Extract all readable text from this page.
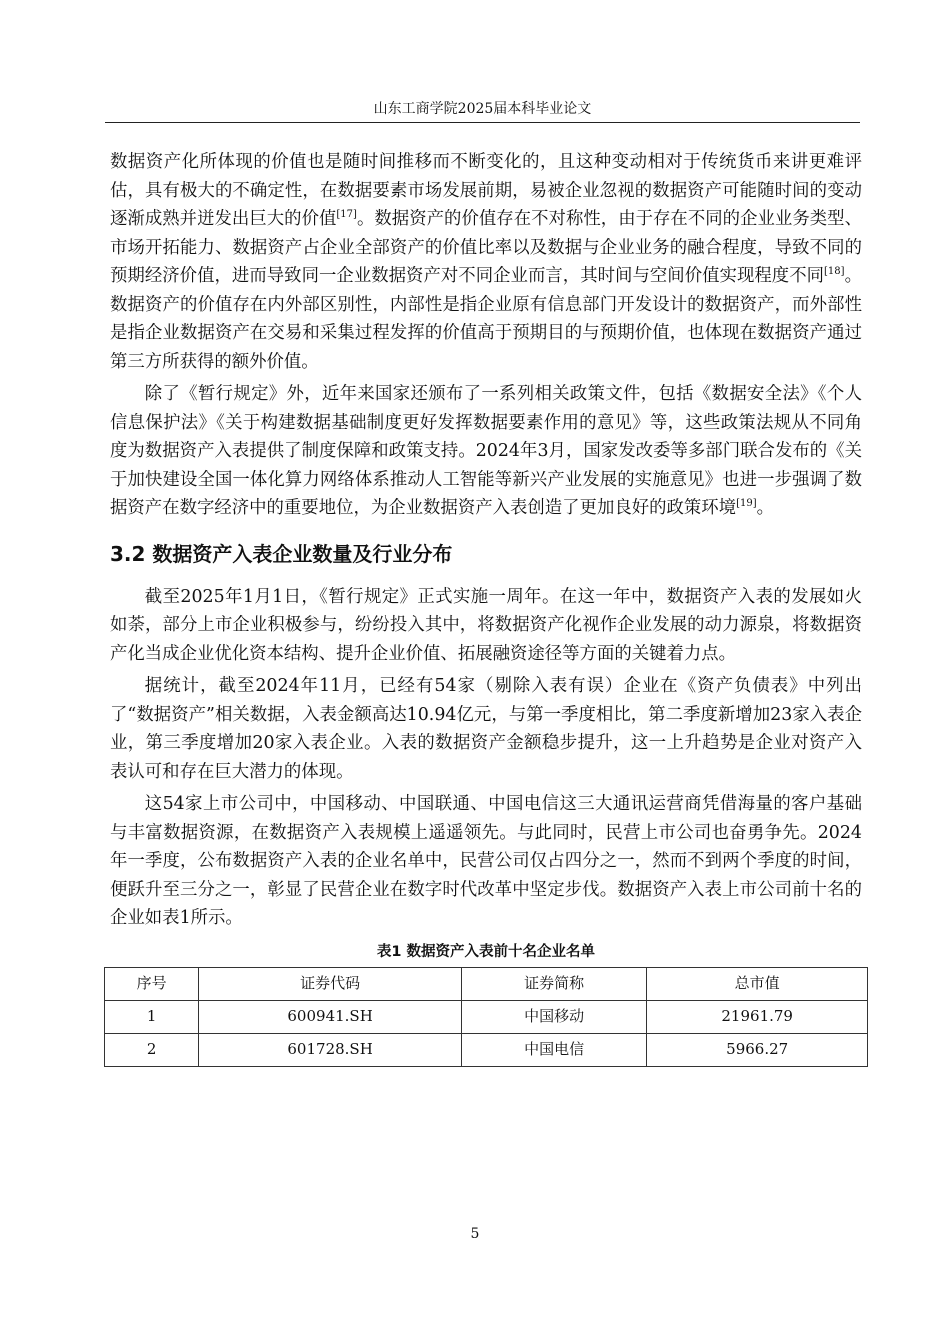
山东工商学院2025届本科毕业论文

数据资产化所体现的价值也是随时间推移而不断变化的，且这种变动相对于传统货币来讲更难评估，具有极大的不确定性，在数据要素市场发展前期，易被企业忽视的数据资产可能随时间的变动逐渐成熟并迸发出巨大的价值[17]。数据资产的价值存在不对称性，由于存在不同的企业业务类型、市场开拓能力、数据资产占企业全部资产的价值比率以及数据与企业业务的融合程度，导致不同的预期经济价值，进而导致同一企业数据资产对不同企业而言，其时间与空间价值实现程度不同[18]。数据资产的价值存在内外部区别性，内部性是指企业原有信息部门开发设计的数据资产，而外部性是指企业数据资产在交易和采集过程发挥的价值高于预期目的与预期价值，也体现在数据资产通过第三方所获得的额外价值。

除了《暂行规定》外，近年来国家还颁布了一系列相关政策文件，包括《数据安全法》《个人信息保护法》《关于构建数据基础制度更好发挥数据要素作用的意见》等，这些政策法规从不同角度为数据资产入表提供了制度保障和政策支持。2024年3月，国家发改委等多部门联合发布的《关于加快建设全国一体化算力网络体系推动人工智能等新兴产业发展的实施意见》也进一步强调了数据资产在数字经济中的重要地位，为企业数据资产入表创造了更加良好的政策环境[19]。

3.2 数据资产入表企业数量及行业分布

截至2025年1月1日，《暂行规定》正式实施一周年。在这一年中，数据资产入表的发展如火如荼，部分上市企业积极参与，纷纷投入其中，将数据资产化视作企业发展的动力源泉，将数据资产化当成企业优化资本结构、提升企业价值、拓展融资途径等方面的关键着力点。

据统计，截至2024年11月，已经有54家（剔除入表有误）企业在《资产负债表》中列出了“数据资产”相关数据，入表金额高达10.94亿元，与第一季度相比，第二季度新增加23家入表企业，第三季度增加20家入表企业。入表的数据资产金额稳步提升，这一上升趋势是企业对资产入表认可和存在巨大潜力的体现。

这54家上市公司中，中国移动、中国联通、中国电信这三大通讯运营商凭借海量的客户基础与丰富数据资源，在数据资产入表规模上遥遥领先。与此同时，民营上市公司也奋勇争先。2024年一季度，公布数据资产入表的企业名单中，民营公司仅占四分之一，然而不到两个季度的时间，便跃升至三分之一，彰显了民营企业在数字时代改革中坚定步伐。数据资产入表上市公司前十名的企业如表1所示。

表1 数据资产入表前十名企业名单
序号	证券代码	证券简称	总市值
1	600941.SH	中国移动	21961.79
2	601728.SH	中国电信	5966.27
5
